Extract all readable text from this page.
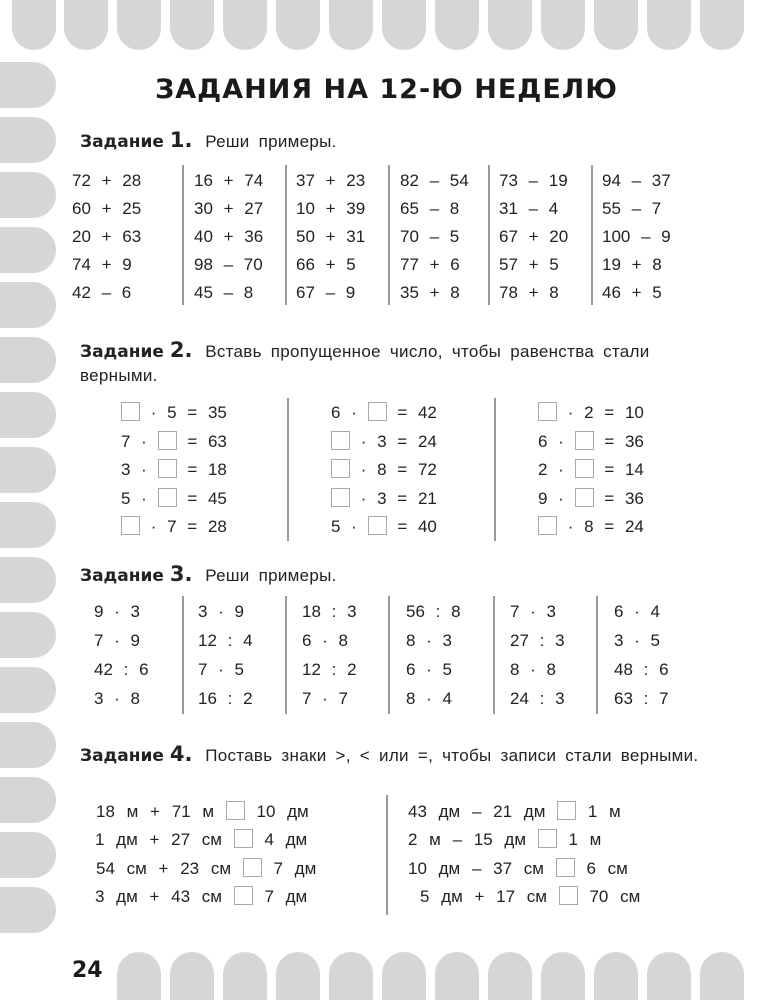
ЗАДАНИЯ НА 12-Ю НЕДЕЛЮ
Задание 1. Реши примеры.
72 + 28
60 + 25
20 + 63
74 + 9
42 – 6
16 + 74
30 + 27
40 + 36
98 – 70
45 – 8
37 + 23
10 + 39
50 + 31
66 + 5
67 – 9
82 – 54
65 – 8
70 – 5
77 + 6
35 + 8
73 – 19
31 – 4
67 + 20
57 + 5
78 + 8
94 – 37
55 – 7
100 – 9
19 + 8
46 + 5
Задание 2. Вставь пропущенное число, чтобы равенства стали верными.
· 5 = 35
7 · = 63
3 · = 18
5 · = 45
· 7 = 28
6 · = 42
· 3 = 24
· 8 = 72
· 3 = 21
5 · = 40
· 2 = 10
6 · = 36
2 · = 14
9 · = 36
· 8 = 24
Задание 3. Реши примеры.
9 · 3
7 · 9
42 : 6
3 · 8
3 · 9
12 : 4
7 · 5
16 : 2
18 : 3
6 · 8
12 : 2
7 · 7
56 : 8
8 · 3
6 · 5
8 · 4
7 · 3
27 : 3
8 · 8
24 : 3
6 · 4
3 · 5
48 : 6
63 : 7
Задание 4. Поставь знаки >, < или =, чтобы записи стали верными.
18 м + 71 м 10 дм
1 дм + 27 см 4 дм
54 см + 23 см 7 дм
3 дм + 43 см 7 дм
43 дм – 21 дм 1 м
2 м – 15 дм 1 м
10 дм – 37 см 6 см
5 дм + 17 см 70 см
24
